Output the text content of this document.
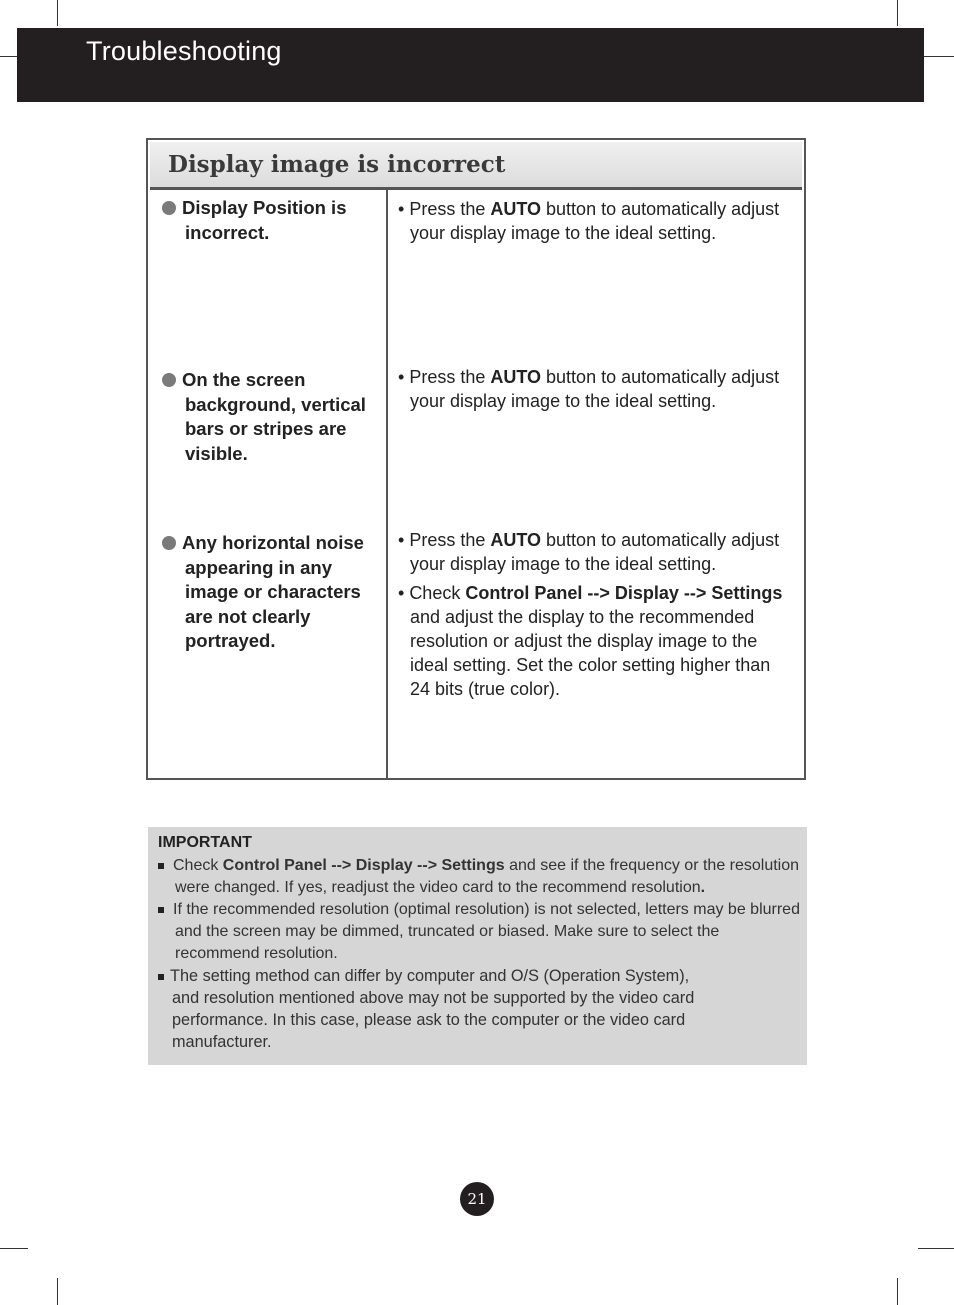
Troubleshooting
Display image is incorrect
Display Position is incorrect.
• Press the AUTO button to automatically adjust your display image to the ideal setting.
On the screen background, vertical bars or stripes are visible.
• Press the AUTO button to automatically adjust your display image to the ideal setting.
Any horizontal noise appearing in any image or characters are not clearly portrayed.
• Press the AUTO button to automatically adjust your display image to the ideal setting.
• Check Control Panel --> Display --> Settings and adjust the display to the recommended resolution or adjust the display image to the ideal setting. Set the color setting higher than 24 bits (true color).
IMPORTANT
Check Control Panel --> Display --> Settings and see if the frequency or the resolution were changed. If yes, readjust the video card to the recommend resolution.
If the recommended resolution (optimal resolution) is not selected, letters may be blurred and the screen may be dimmed, truncated or biased. Make sure to select the recommend resolution.
The setting method can differ by computer and O/S (Operation System), and resolution mentioned above may not be supported by the video card performance. In this case, please ask to the computer or the video card manufacturer.
21
